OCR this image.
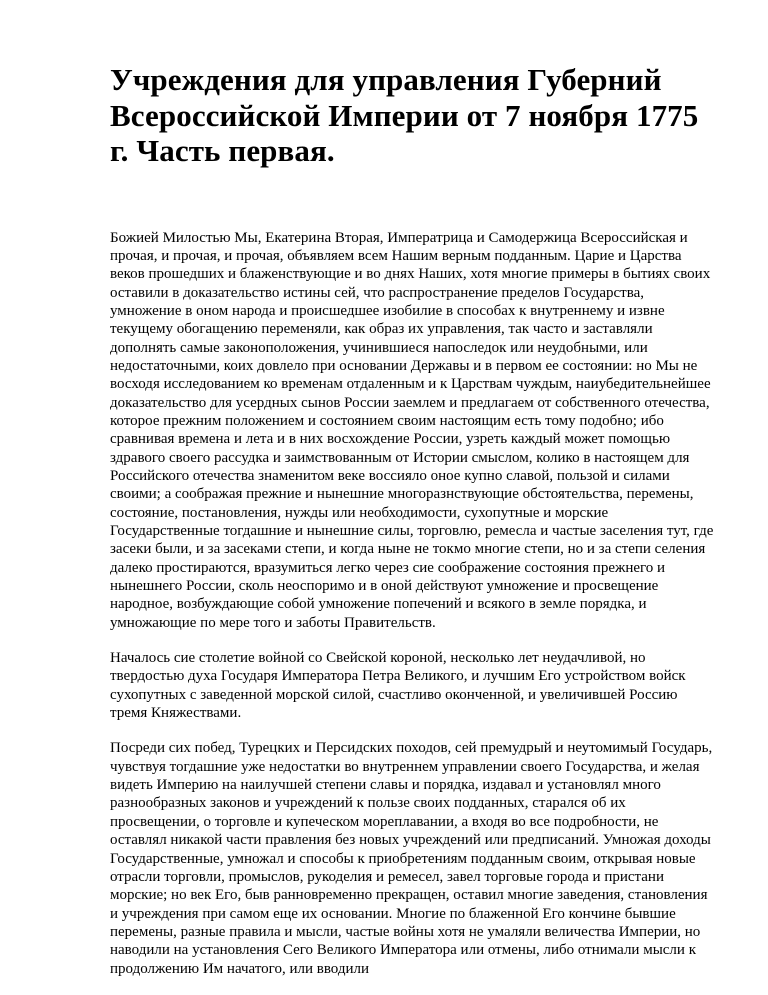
Учреждения для управления Губерний Всероссийской Империи от 7 ноября 1775 г. Часть первая.

Божией Милостью Мы, Екатерина Вторая, Императрица и Самодержица Всероссийская и прочая, и прочая, и прочая, объявляем всем Нашим верным подданным. Царие и Царства веков прошедших и блаженствующие и во днях Наших, хотя многие примеры в бытиях своих оставили в доказательство истины сей, что распространение пределов Государства, умножение в оном народа и происшедшее изобилие в способах к внутреннему и извне текущему обогащению переменяли, как образ их управления, так часто и заставляли дополнять самые законоположения, учинившиеся напоследок или неудобными, или недостаточными, коих довлело при основании Державы и в первом ее состоянии: но Мы не восходя исследованием ко временам отдаленным и к Царствам чуждым, наиубедительнейшее доказательство для усердных сынов России заемлем и предлагаем от собственного отечества, которое прежним положением и состоянием своим настоящим есть тому подобно; ибо сравнивая времена и лета и в них восхождение России, узреть каждый может помощью здравого своего рассудка и заимствованным от Истории смыслом, колико в настоящем для Российского отечества знаменитом веке воссияло оное купно славой, пользой и силами своими; а соображая прежние и нынешние многоразнствующие обстоятельства, перемены, состояние, постановления, нужды или необходимости, сухопутные и морские Государственные тогдашние и нынешние силы, торговлю, ремесла и частые заселения тут, где засеки были, и за засеками степи, и когда ныне не токмо многие степи, но и за степи селения далеко простираются, вразумиться легко через сие соображение состояния прежнего и нынешнего России, сколь неоспоримо и в оной действуют умножение и просвещение народное, возбуждающие собой умножение попечений и всякого в земле порядка, и умножающие по мере того и заботы Правительств.

Началось сие столетие войной со Свейской короной, несколько лет неудачливой, но твердостью духа Государя Императора Петра Великого, и лучшим Его устройством войск сухопутных с заведенной морской силой, счастливо оконченной, и увеличившей Россию тремя Княжествами.

Посреди сих побед, Турецких и Персидских походов, сей премудрый и неутомимый Государь, чувствуя тогдашние уже недостатки во внутреннем управлении своего Государства, и желая видеть Империю на наилучшей степени славы и порядка, издавал и установлял много разнообразных законов и учреждений к пользе своих подданных, старался об их просвещении, о торговле и купеческом мореплавании, а входя во все подробности, не оставлял никакой части правления без новых учреждений или предписаний. Умножая доходы Государственные, умножал и способы к приобретениям подданным своим, открывая новые отрасли торговли, промыслов, рукоделия и ремесел, завел торговые города и пристани морские; но век Его, быв ранновременно прекращен, оставил многие заведения, становления и учреждения при самом еще их основании. Многие по блаженной Его кончине бывшие перемены, разные правила и мысли, частые войны хотя не умаляли величества Империи, но наводили на установления Сего Великого Императора или отмены, либо отнимали мысли к продолжению Им начатого, или вводили
